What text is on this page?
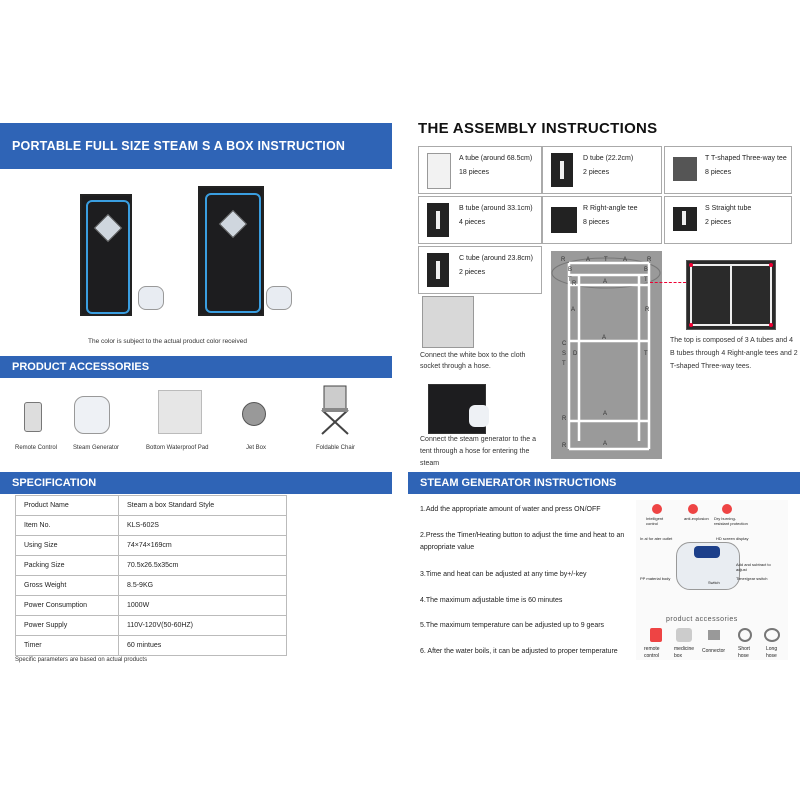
PORTABLE FULL SIZE STEAM S A BOX INSTRUCTION
The color is subject to the actual product color received
PRODUCT ACCESSORIES
Remote Control	Steam Generator	Bottom Waterproof Pad	Jet Box	Foldable Chair
SPECIFICATION
Product Name	Steam a box Standard Style
Item No.	KLS-602S
Using Size	74×74×169cm
Packing Size	70.5x26.5x35cm
Gross Weight	8.5-9KG
Power Consumption	1000W
Power Supply	110V-120V(50-60HZ)
Timer	60 mintues
Specific parameters are based on actual products
THE ASSEMBLY INSTRUCTIONS
A tube (around 68.5cm)
18 pieces
D tube (22.2cm)
2 pieces
T T-shaped Three-way tee
8 pieces
B tube (around 33.1cm)
4 pieces
R Right-angle tee
8 pieces
S Straight tube
2 pieces
C tube (around 23.8cm)
2 pieces
Connect the white box to the cloth socket through a hose.
Connect the steam generator to the a tent through a hose for entering the steam
R	A T	A	R
B
T
B
R	A	T
A	R
S D
T
A
C
T
A
A
R
R
The top is composed of 3 A tubes and 4 B tubes through 4 Right-angle tees and 2 T-shaped Three-way tees.
STEAM GENERATOR INSTRUCTIONS
1.Add the appropriate amount of water and press ON/OFF
2.Press the Timer/Heating button to adjust the time and heat to an appropriate value
3.Time and heat can be adjusted at any time by+/-key
4.The maximum adjustable time is 60 minutes
5.The maximum temperature can be adjusted up to 9 gears
6. After the water boils, it can be adjusted to proper temperature
Intelligent control
anti-explosion	Dry burning-resistant protection
In al for ater outlet	HD screen display
PP material body
Switch
Timer/gear switch
Add and subtract to adjust
product accessories
remote control
medicine box
Connector	Short hose
Long hose
